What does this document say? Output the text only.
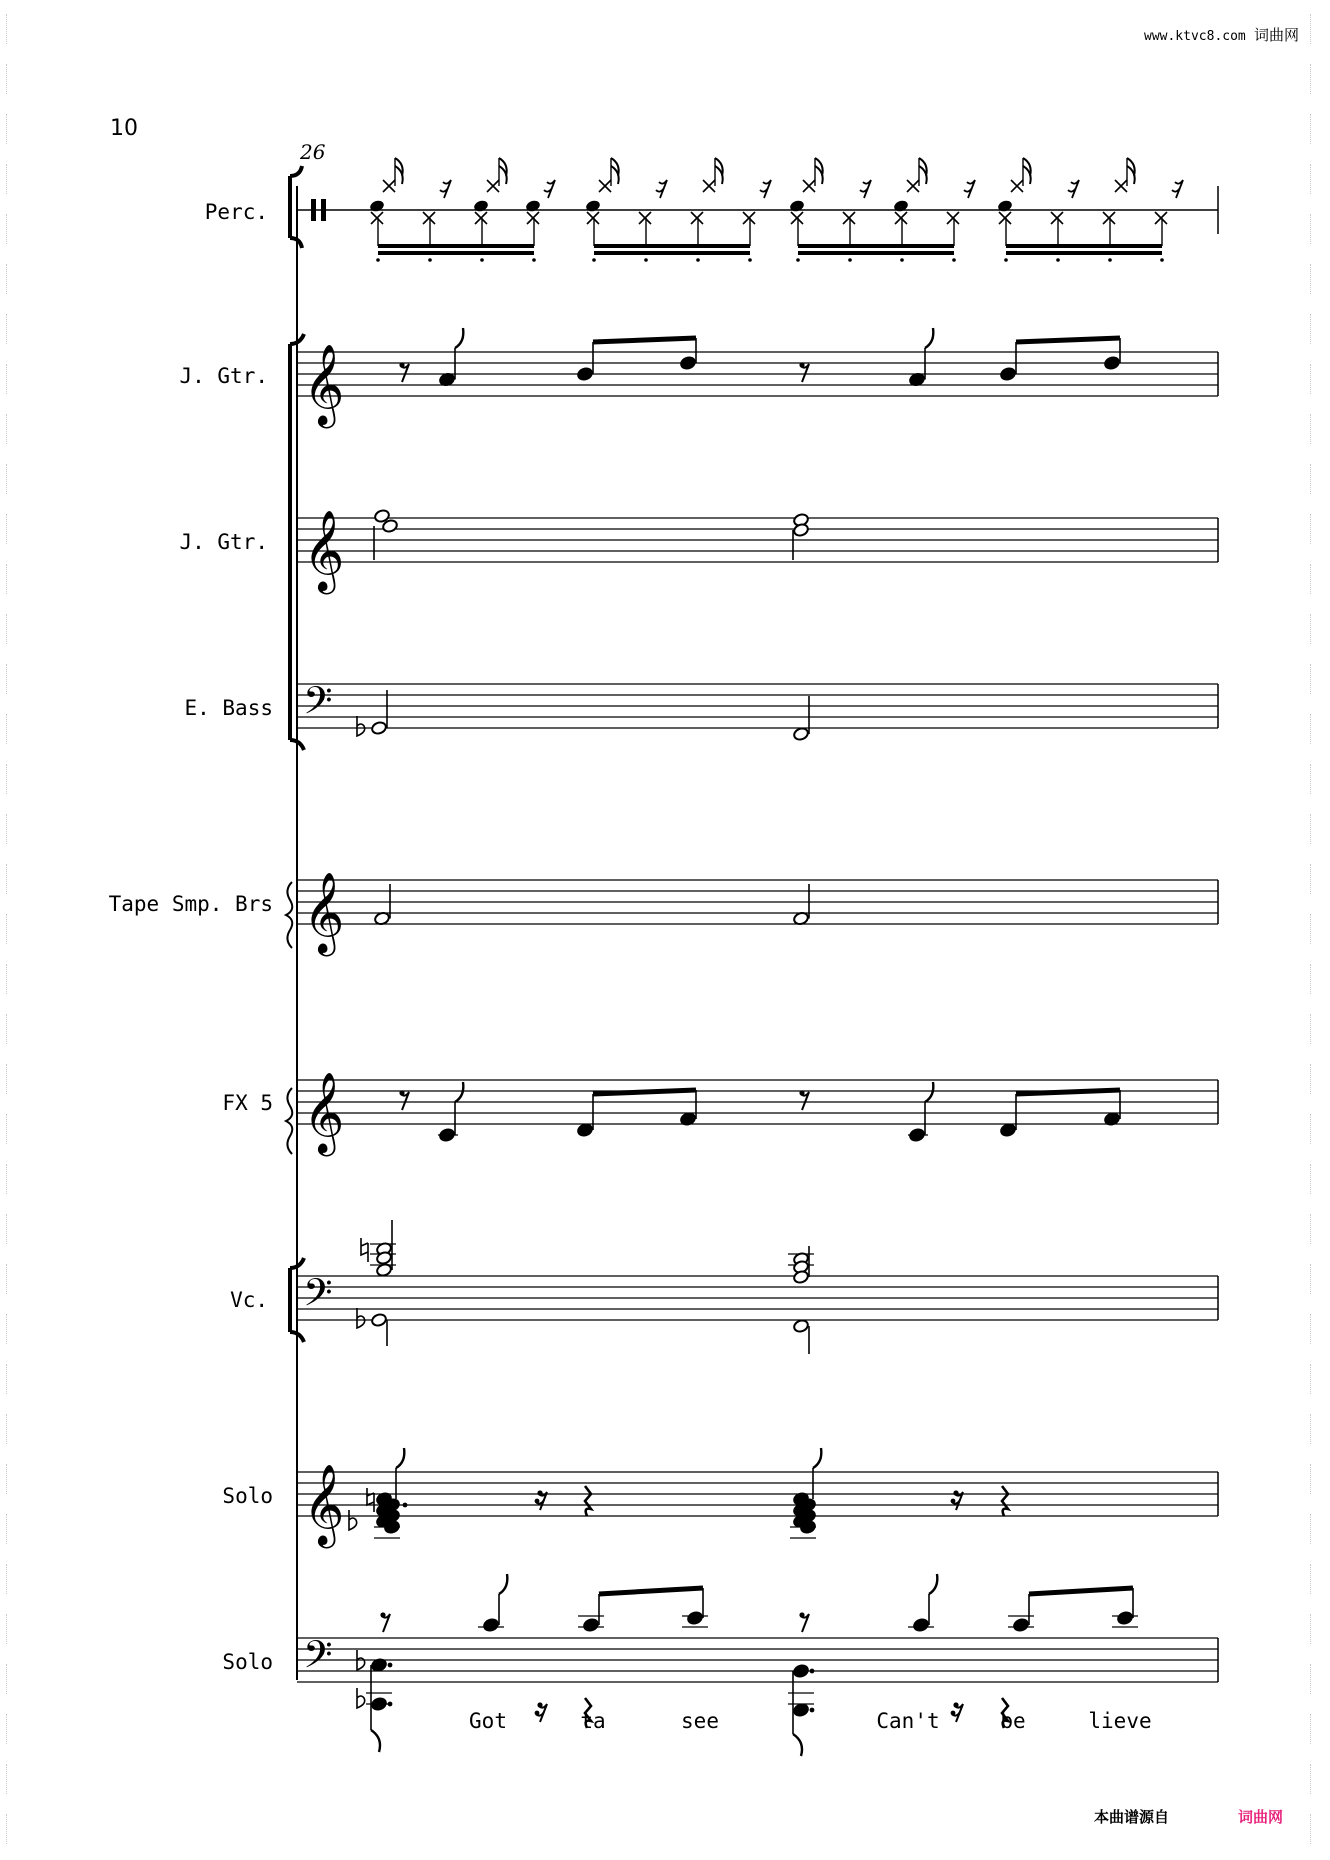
www.ktvc8.com 词曲网
10
26
𝄞
𝄞
𝄢
𝄞
𝄞
𝄢
𝄞
𝄢
Perc.
J. Gtr.
J. Gtr.
E. Bass
Tape Smp. Brs
FX 5
Vc.
Solo
Solo
Got	ta	see	Can't	be	lieve
本曲谱源自	词曲网
